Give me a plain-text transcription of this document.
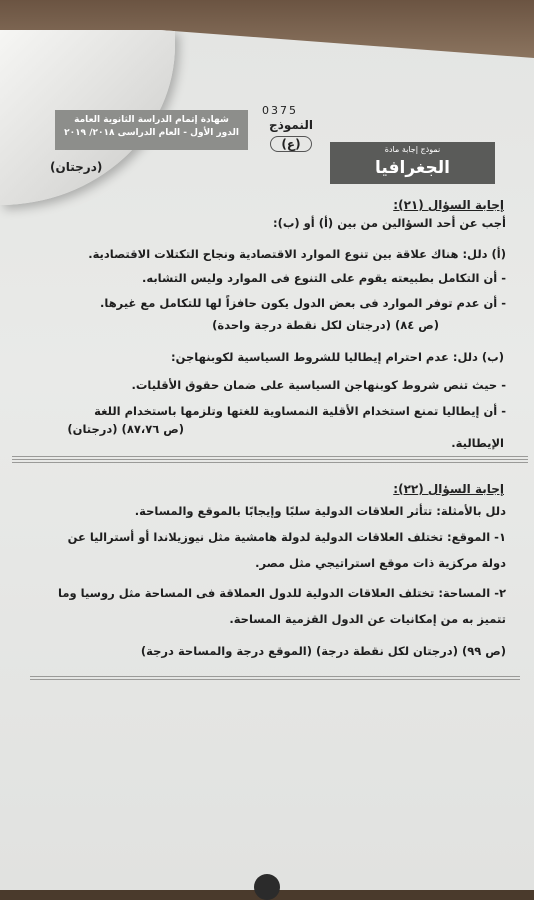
0375
شهادة إتمام الدراسة الثانوية العامة
الدور الأول - العام الدراسى ٢٠١٨/ ٢٠١٩
النموذج
(ع)	نموذج إجابة مادة
الجغرافيا
(درجتان)
إجابة السؤال (٢١):
أجب عن أحد السؤالين من بين (أ) أو (ب):
(أ) دلل: هناك علاقة بين تنوع الموارد الاقتصادية ونجاح التكتلات الاقتصادية.
- أن التكامل بطبيعته يقوم على التنوع فى الموارد وليس التشابه.
- أن عدم توفر الموارد فى بعض الدول يكون حافزاً لها للتكامل مع غيرها.
(ص ٨٤) (درجتان لكل نقطة درجة واحدة)
(ب) دلل: عدم احترام إيطاليا للشروط السياسية لكوبنهاجن:
- حيث تنص شروط كوبنهاجن السياسية على ضمان حقوق الأقليات.
- أن إيطاليا تمنع استخدام الأقلية النمساوية للغتها وتلزمها باستخدام اللغة
الإيطالية.
(ص ٨٧،٧٦) (درجتان)
إجابة السؤال (٢٢):
دلل بالأمثلة: تتأثر العلاقات الدولية سلبًا وإيجابًا بالموقع والمساحة.
١- الموقع: تختلف العلاقات الدولية لدولة هامشية مثل نيوزيلاندا أو أستراليا عن
دولة مركزية ذات موقع استراتيجي مثل مصر.
٢- المساحة: تختلف العلاقات الدولية للدول العملاقة فى المساحة مثل روسيا وما
تتميز به من إمكانيات عن الدول القزمية المساحة.
(ص ٩٩) (درجتان لكل نقطة درجة) (الموقع درجة والمساحة درجة)
